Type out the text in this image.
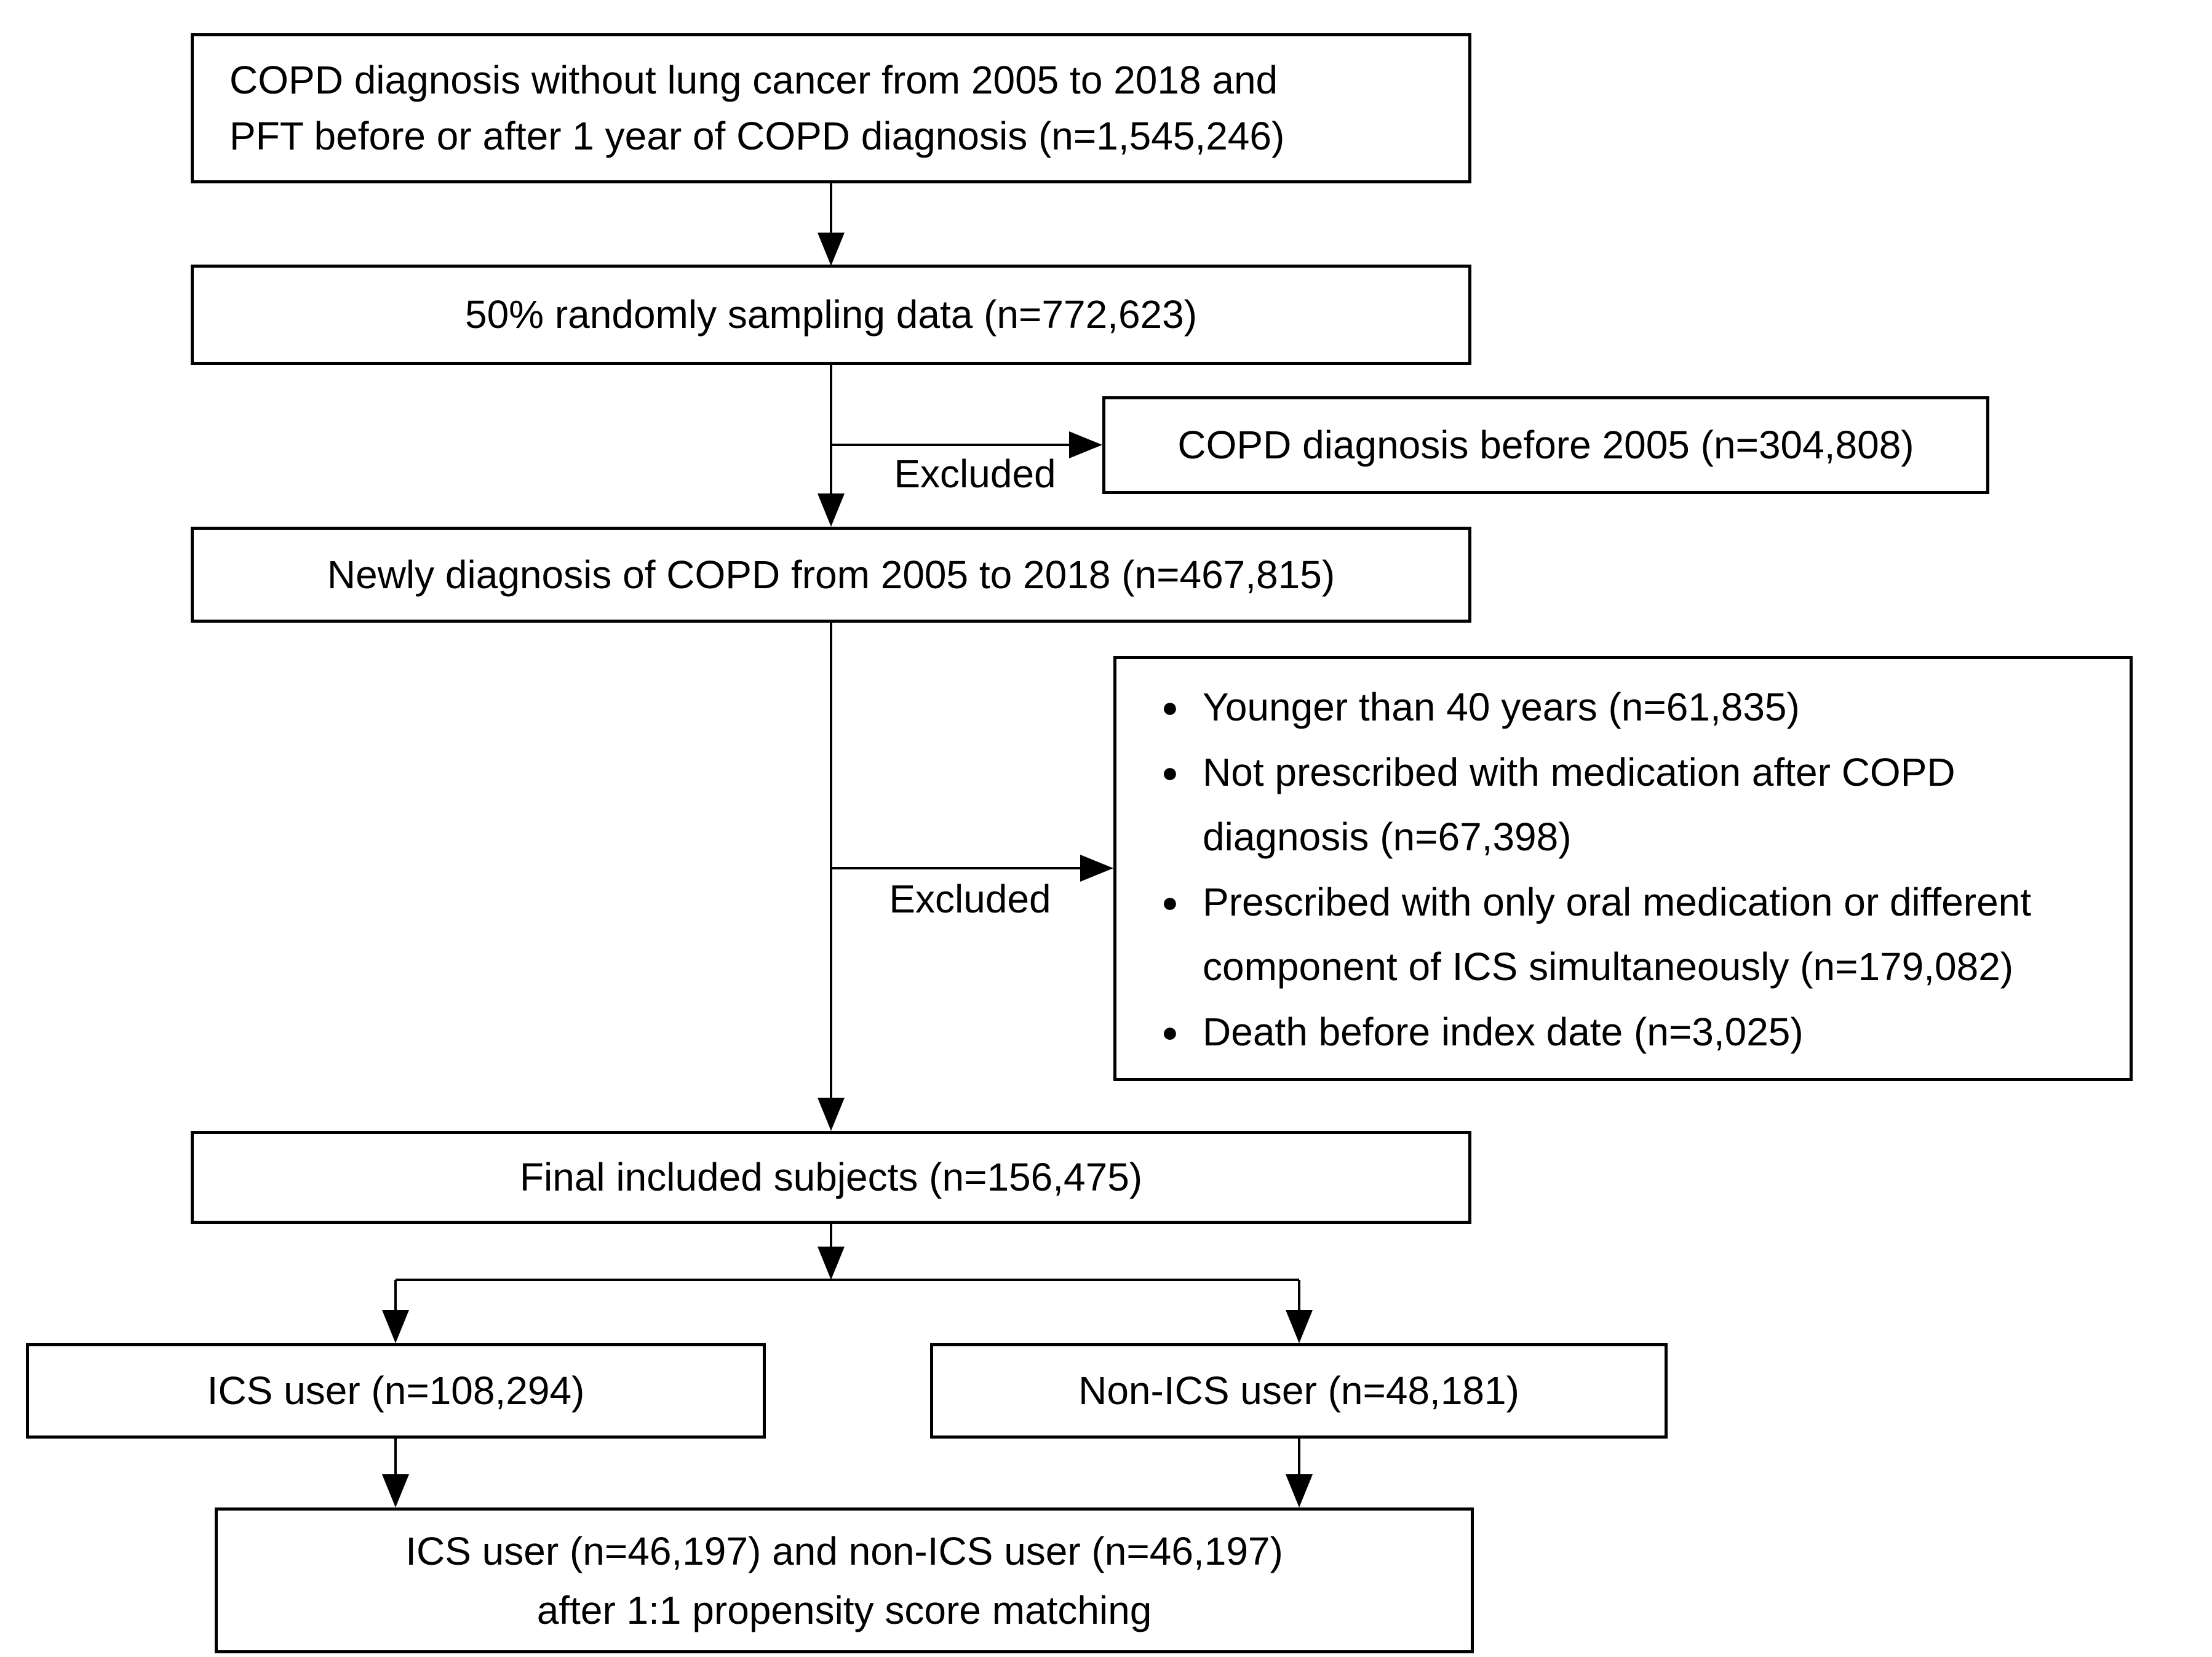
COPD diagnosis without lung cancer from 2005 to 2018 and
PFT before or after 1 year of COPD diagnosis (n=1,545,246)
50% randomly sampling data (n=772,623)
Excluded
COPD diagnosis before 2005 (n=304,808)
Newly diagnosis of COPD from 2005 to 2018 (n=467,815)
Excluded
● Younger than 40 years (n=61,835)
● Not prescribed with medication after COPD diagnosis (n=67,398)
● Prescribed with only oral medication or different component of ICS simultaneously (n=179,082)
● Death before index date (n=3,025)
Final included subjects (n=156,475)
ICS user (n=108,294)	Non-ICS user (n=48,181)
ICS user (n=46,197) and non-ICS user (n=46,197)
after 1:1 propensity score matching
